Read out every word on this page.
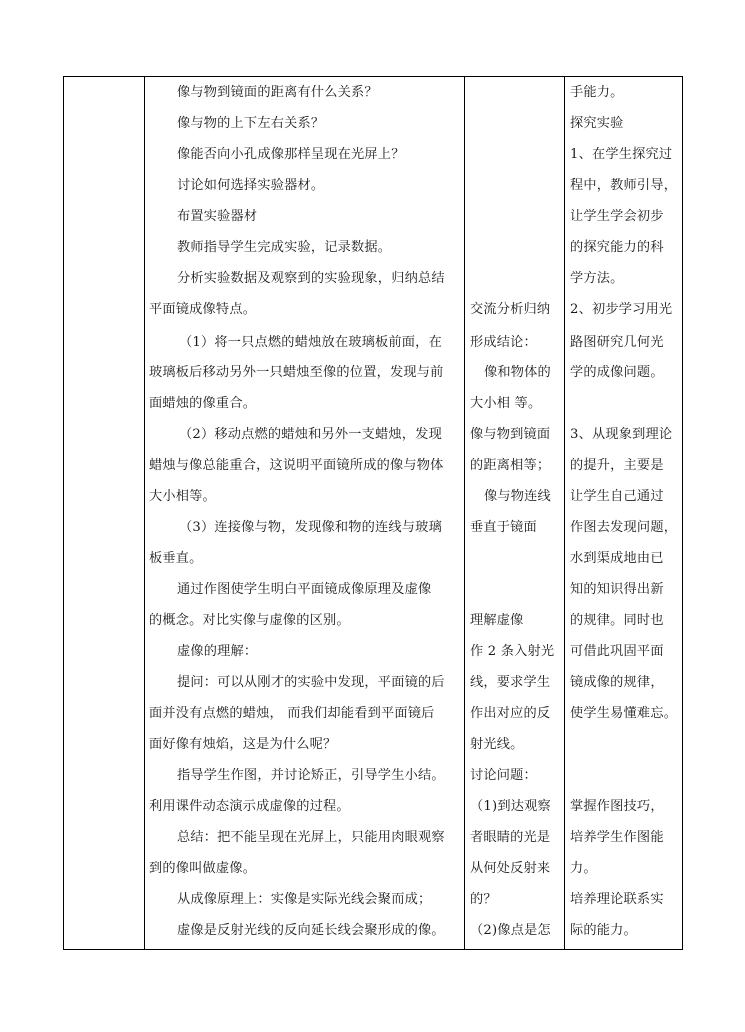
像与物到镜面的距离有什么关系？
像与物的上下左右关系？
像能否向小孔成像那样呈现在光屏上？
讨论如何选择实验器材。
布置实验器材
教师指导学生完成实验，记录数据。
分析实验数据及观察到的实验现象，归纳总结
平面镜成像特点。
（1）将一只点燃的蜡烛放在玻璃板前面，在
玻璃板后移动另外一只蜡烛至像的位置，发现与前
面蜡烛的像重合。
（2）移动点燃的蜡烛和另外一支蜡烛，发现
蜡烛与像总能重合，这说明平面镜所成的像与物体
大小相等。
（3）连接像与物，发现像和物的连线与玻璃
板垂直。
通过作图使学生明白平面镜成像原理及虚像
的概念。对比实像与虚像的区别。
虚像的理解：
提问：可以从刚才的实验中发现，平面镜的后
面并没有点燃的蜡烛， 而我们却能看到平面镜后
面好像有烛焰，这是为什么呢？
指导学生作图，并讨论矫正，引导学生小结。
利用课件动态演示成虚像的过程。
总结：把不能呈现在光屏上，只能用肉眼观察
到的像叫做虚像。
从成像原理上：实像是实际光线会聚而成；
虚像是反射光线的反向延长线会聚形成的像。
交流分析归纳
形成结论：
像和物体的
大小相 等。
像与物到镜面
的距离相等；
像与物连线
垂直于镜面
理解虚像
作 2 条入射光
线，要求学生
作出对应的反
射光线。
讨论问题：
（1)到达观察
者眼睛的光是
从何处反射来
的？
（2)像点是怎
手能力。
探究实验
1、在学生探究过
程中，教师引导，
让学生学会初步
的探究能力的科
学方法。
2、初步学习用光
路图研究几何光
学的成像问题。
3、从现象到理论
的提升，主要是
让学生自己通过
作图去发现问题，
水到渠成地由已
知的知识得出新
的规律。同时也
可借此巩固平面
镜成像的规律，
使学生易懂难忘。
掌握作图技巧，
培养学生作图能
力。
培养理论联系实
际的能力。
